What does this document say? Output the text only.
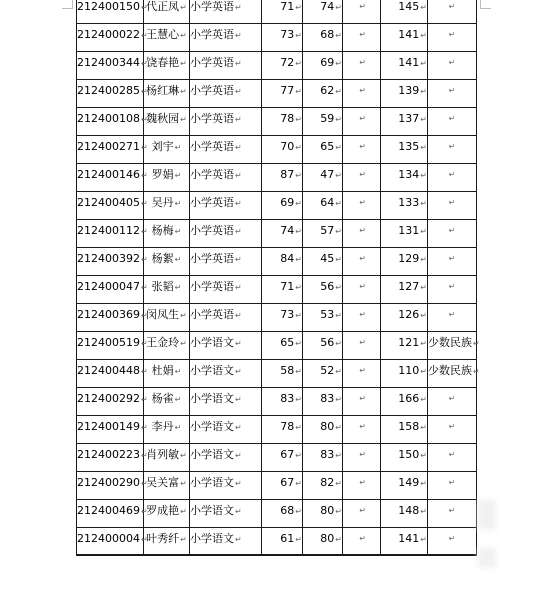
212400150↵	代正凤↵	小学英语↵	71↵	74↵	↵	145↵	↵

212400022↵	王慧心↵	小学英语↵	73↵	68↵	↵	141↵	↵

212400344↵	饶春艳↵	小学英语↵	72↵	69↵	↵	141↵	↵

212400285↵	杨红琳↵	小学英语↵	77↵	62↵	↵	139↵	↵

212400108↵	魏秋园↵	小学英语↵	78↵	59↵	↵	137↵	↵

212400271↵	刘宇↵	小学英语↵	70↵	65↵	↵	135↵	↵

212400146↵	罗娟↵	小学英语↵	87↵	47↵	↵	134↵	↵

212400405↵	吴丹↵	小学英语↵	69↵	64↵	↵	133↵	↵

212400112↵	杨梅↵	小学英语↵	74↵	57↵	↵	131↵	↵

212400392↵	杨絮↵	小学英语↵	84↵	45↵	↵	129↵	↵

212400047↵	张韬↵	小学英语↵	71↵	56↵	↵	127↵	↵

212400369↵	闵凤生↵	小学英语↵	73↵	53↵	↵	126↵	↵

212400519↵	王金玲↵	小学语文↵	65↵	56↵	↵	121↵	少数民族↵
212400448↵	杜娟↵	小学语文↵	58↵	52↵	↵	110↵	少数民族↵
212400292↵	杨雀↵	小学语文↵	83↵	83↵	↵	166↵	↵

212400149↵	李丹↵	小学语文↵	78↵	80↵	↵	158↵	↵

212400223↵	肖列敏↵	小学语文↵	67↵	83↵	↵	150↵	↵

212400290↵	吴关富↵	小学语文↵	67↵	82↵	↵	149↵	↵

212400469↵	罗成艳↵	小学语文↵	68↵	80↵	↵	148↵	↵

212400004↵	叶秀纤↵	小学语文↵	61↵	80↵	↵	141↵	↵
